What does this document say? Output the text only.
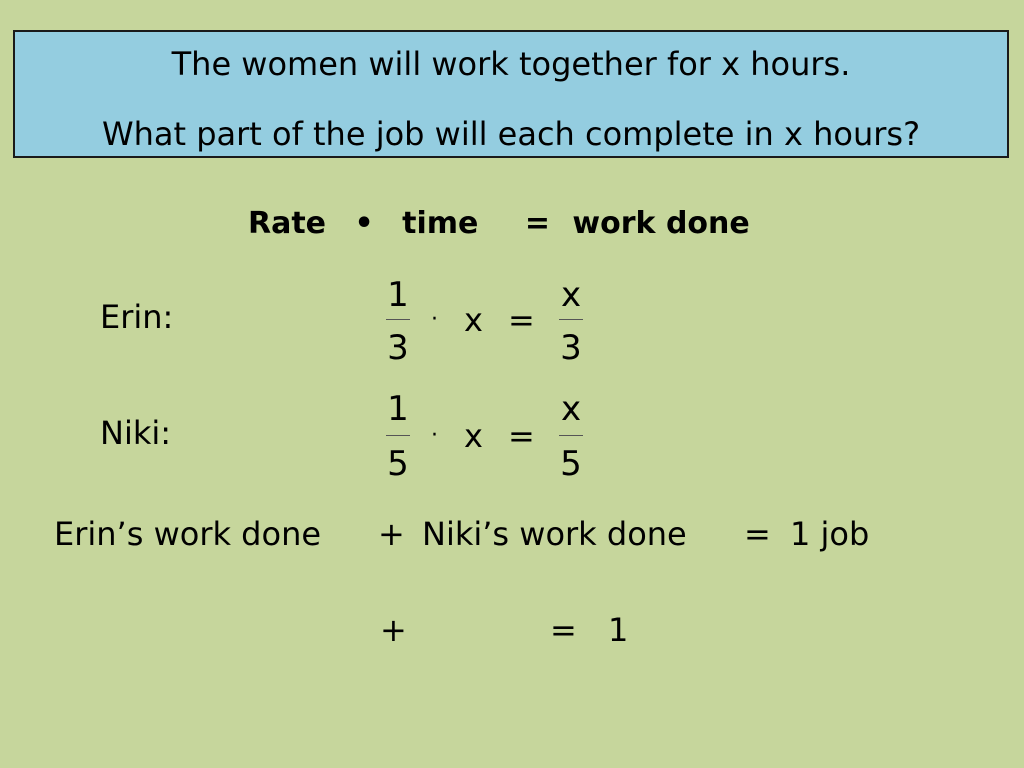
The women will work together for x hours.
What part of the job will each complete in x hours?
Rate • time = work done
Erin:
1
3
· x =
x
3
Niki:
1
5
· x =
x
5
Erin’s work done + Niki’s work done = 1 job
+	= 1
